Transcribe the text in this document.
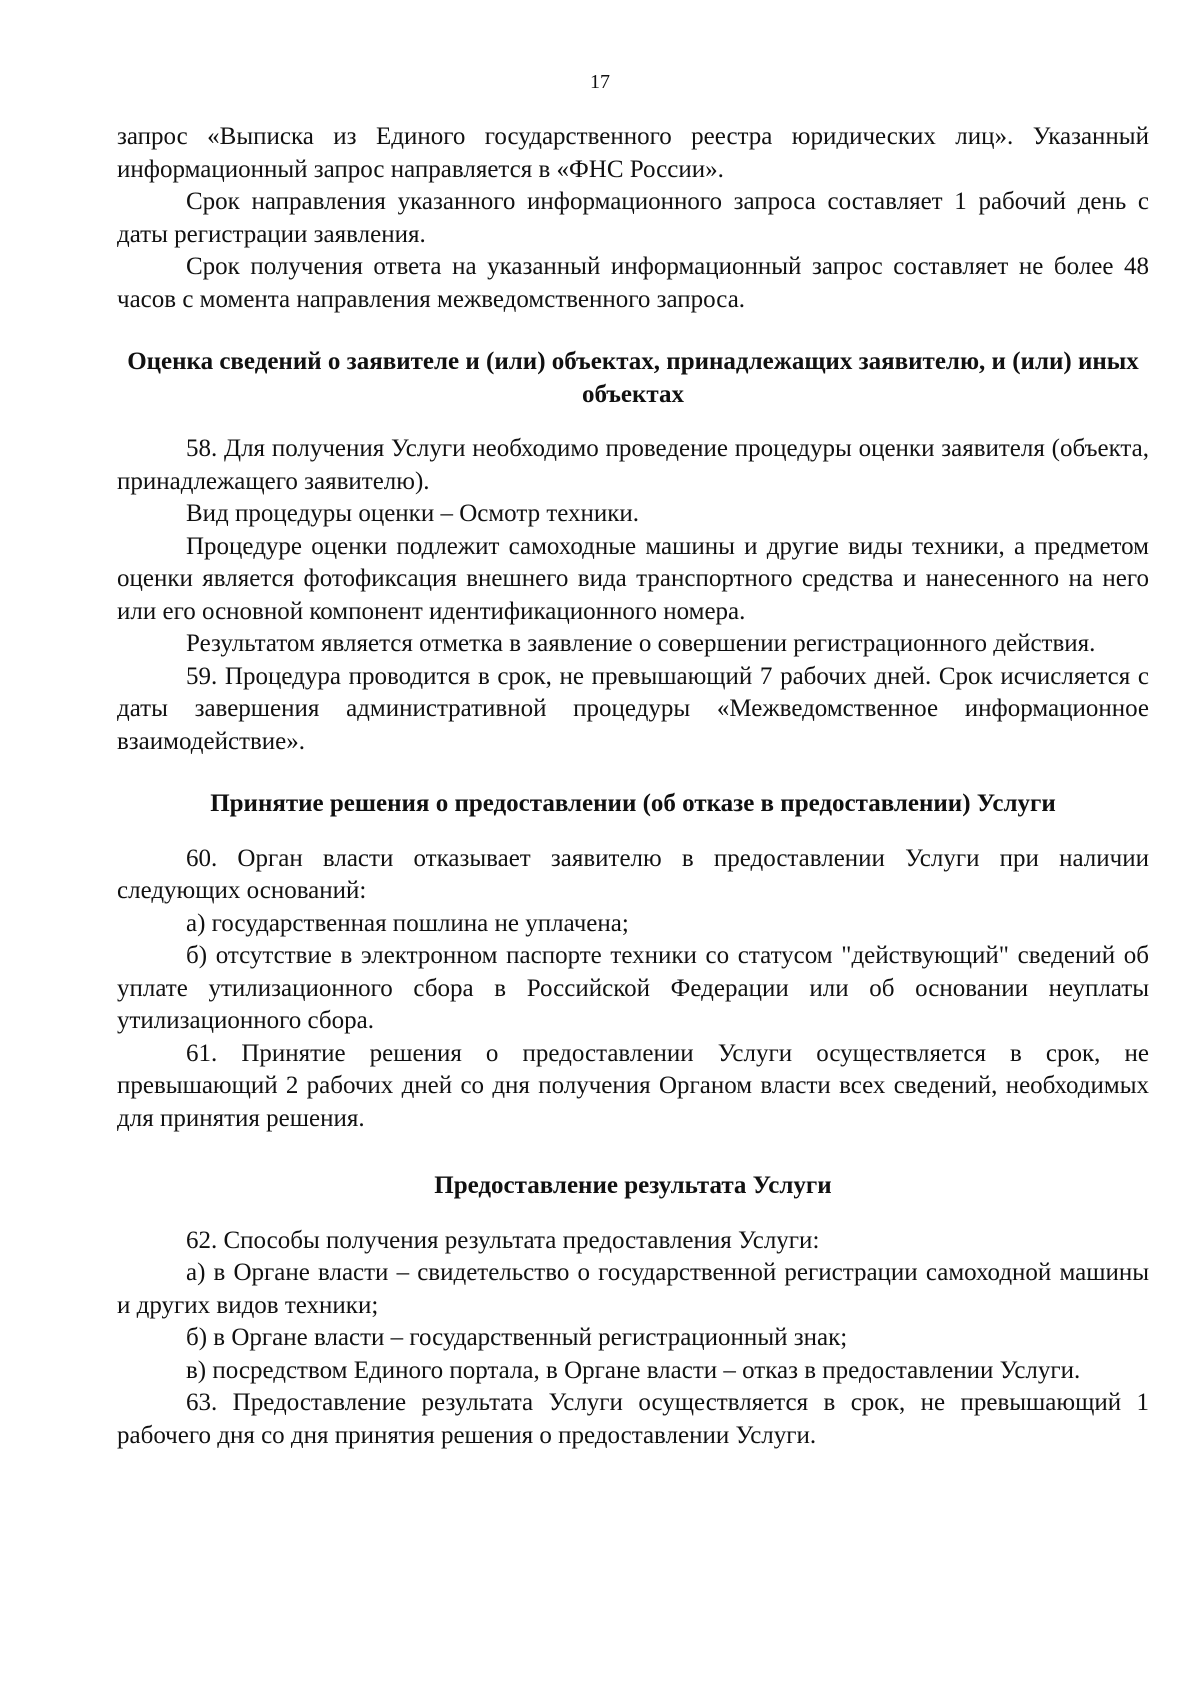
17

запрос «Выписка из Единого государственного реестра юридических лиц». Указанный информационный запрос направляется в «ФНС России».

Срок направления указанного информационного запроса составляет 1 рабочий день с даты регистрации заявления.

Срок получения ответа на указанный информационный запрос составляет не более 48 часов с момента направления межведомственного запроса.

Оценка сведений о заявителе и (или) объектах, принадлежащих заявителю, и (или) иных объектах

58. Для получения Услуги необходимо проведение процедуры оценки заявителя (объекта, принадлежащего заявителю).

Вид процедуры оценки – Осмотр техники.

Процедуре оценки подлежит самоходные машины и другие виды техники, а предметом оценки является фотофиксация внешнего вида транспортного средства и нанесенного на него или его основной компонент идентификационного номера.

Результатом является отметка в заявление о совершении регистрационного действия.

59. Процедура проводится в срок, не превышающий 7 рабочих дней. Срок исчисляется с даты завершения административной процедуры «Межведомственное информационное взаимодействие».

Принятие решения о предоставлении (об отказе в предоставлении) Услуги

60. Орган власти отказывает заявителю в предоставлении Услуги при наличии следующих оснований:

а) государственная пошлина не уплачена;

б) отсутствие в электронном паспорте техники со статусом "действующий" сведений об уплате утилизационного сбора в Российской Федерации или об основании неуплаты утилизационного сбора.

61. Принятие решения о предоставлении Услуги осуществляется в срок, не превышающий 2 рабочих дней со дня получения Органом власти всех сведений, необходимых для принятия решения.

Предоставление результата Услуги

62. Способы получения результата предоставления Услуги:

а) в Органе власти – свидетельство о государственной регистрации самоходной машины и других видов техники;

б) в Органе власти – государственный регистрационный знак;

в) посредством Единого портала, в Органе власти – отказ в предоставлении Услуги.

63. Предоставление результата Услуги осуществляется в срок, не превышающий 1 рабочего дня со дня принятия решения о предоставлении Услуги.
